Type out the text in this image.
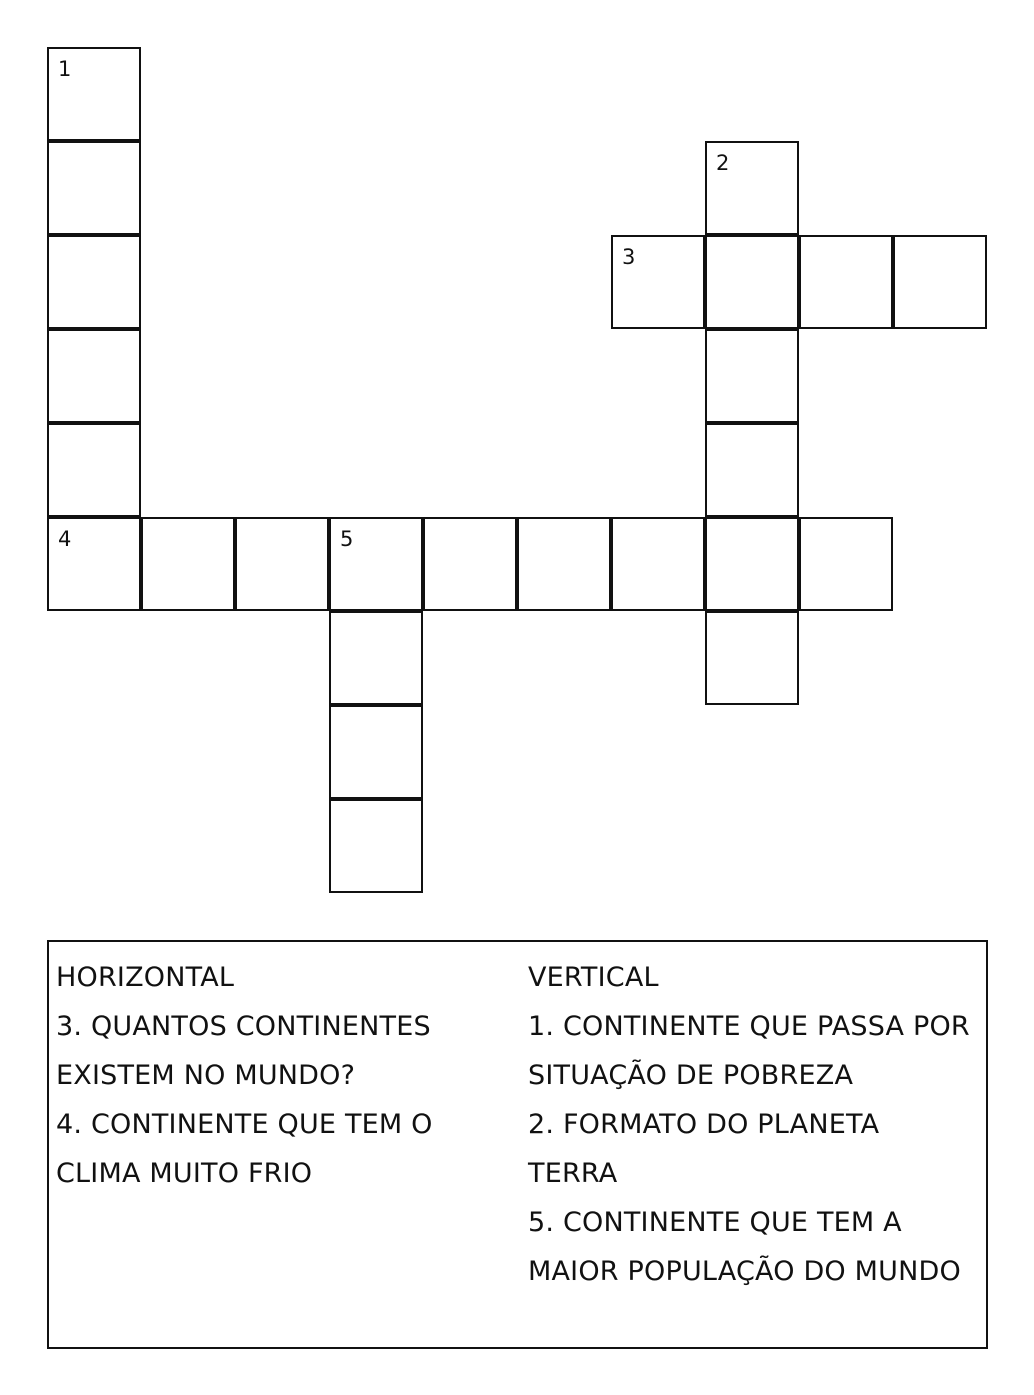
1
4	5
2
3
HORIZONTAL
3. QUANTOS CONTINENTES
EXISTEM NO MUNDO?
4. CONTINENTE QUE TEM O
CLIMA MUITO FRIO
VERTICAL
1. CONTINENTE QUE PASSA POR
SITUAÇÃO DE POBREZA
2. FORMATO DO PLANETA
TERRA
5. CONTINENTE QUE TEM A
MAIOR POPULAÇÃO DO MUNDO
